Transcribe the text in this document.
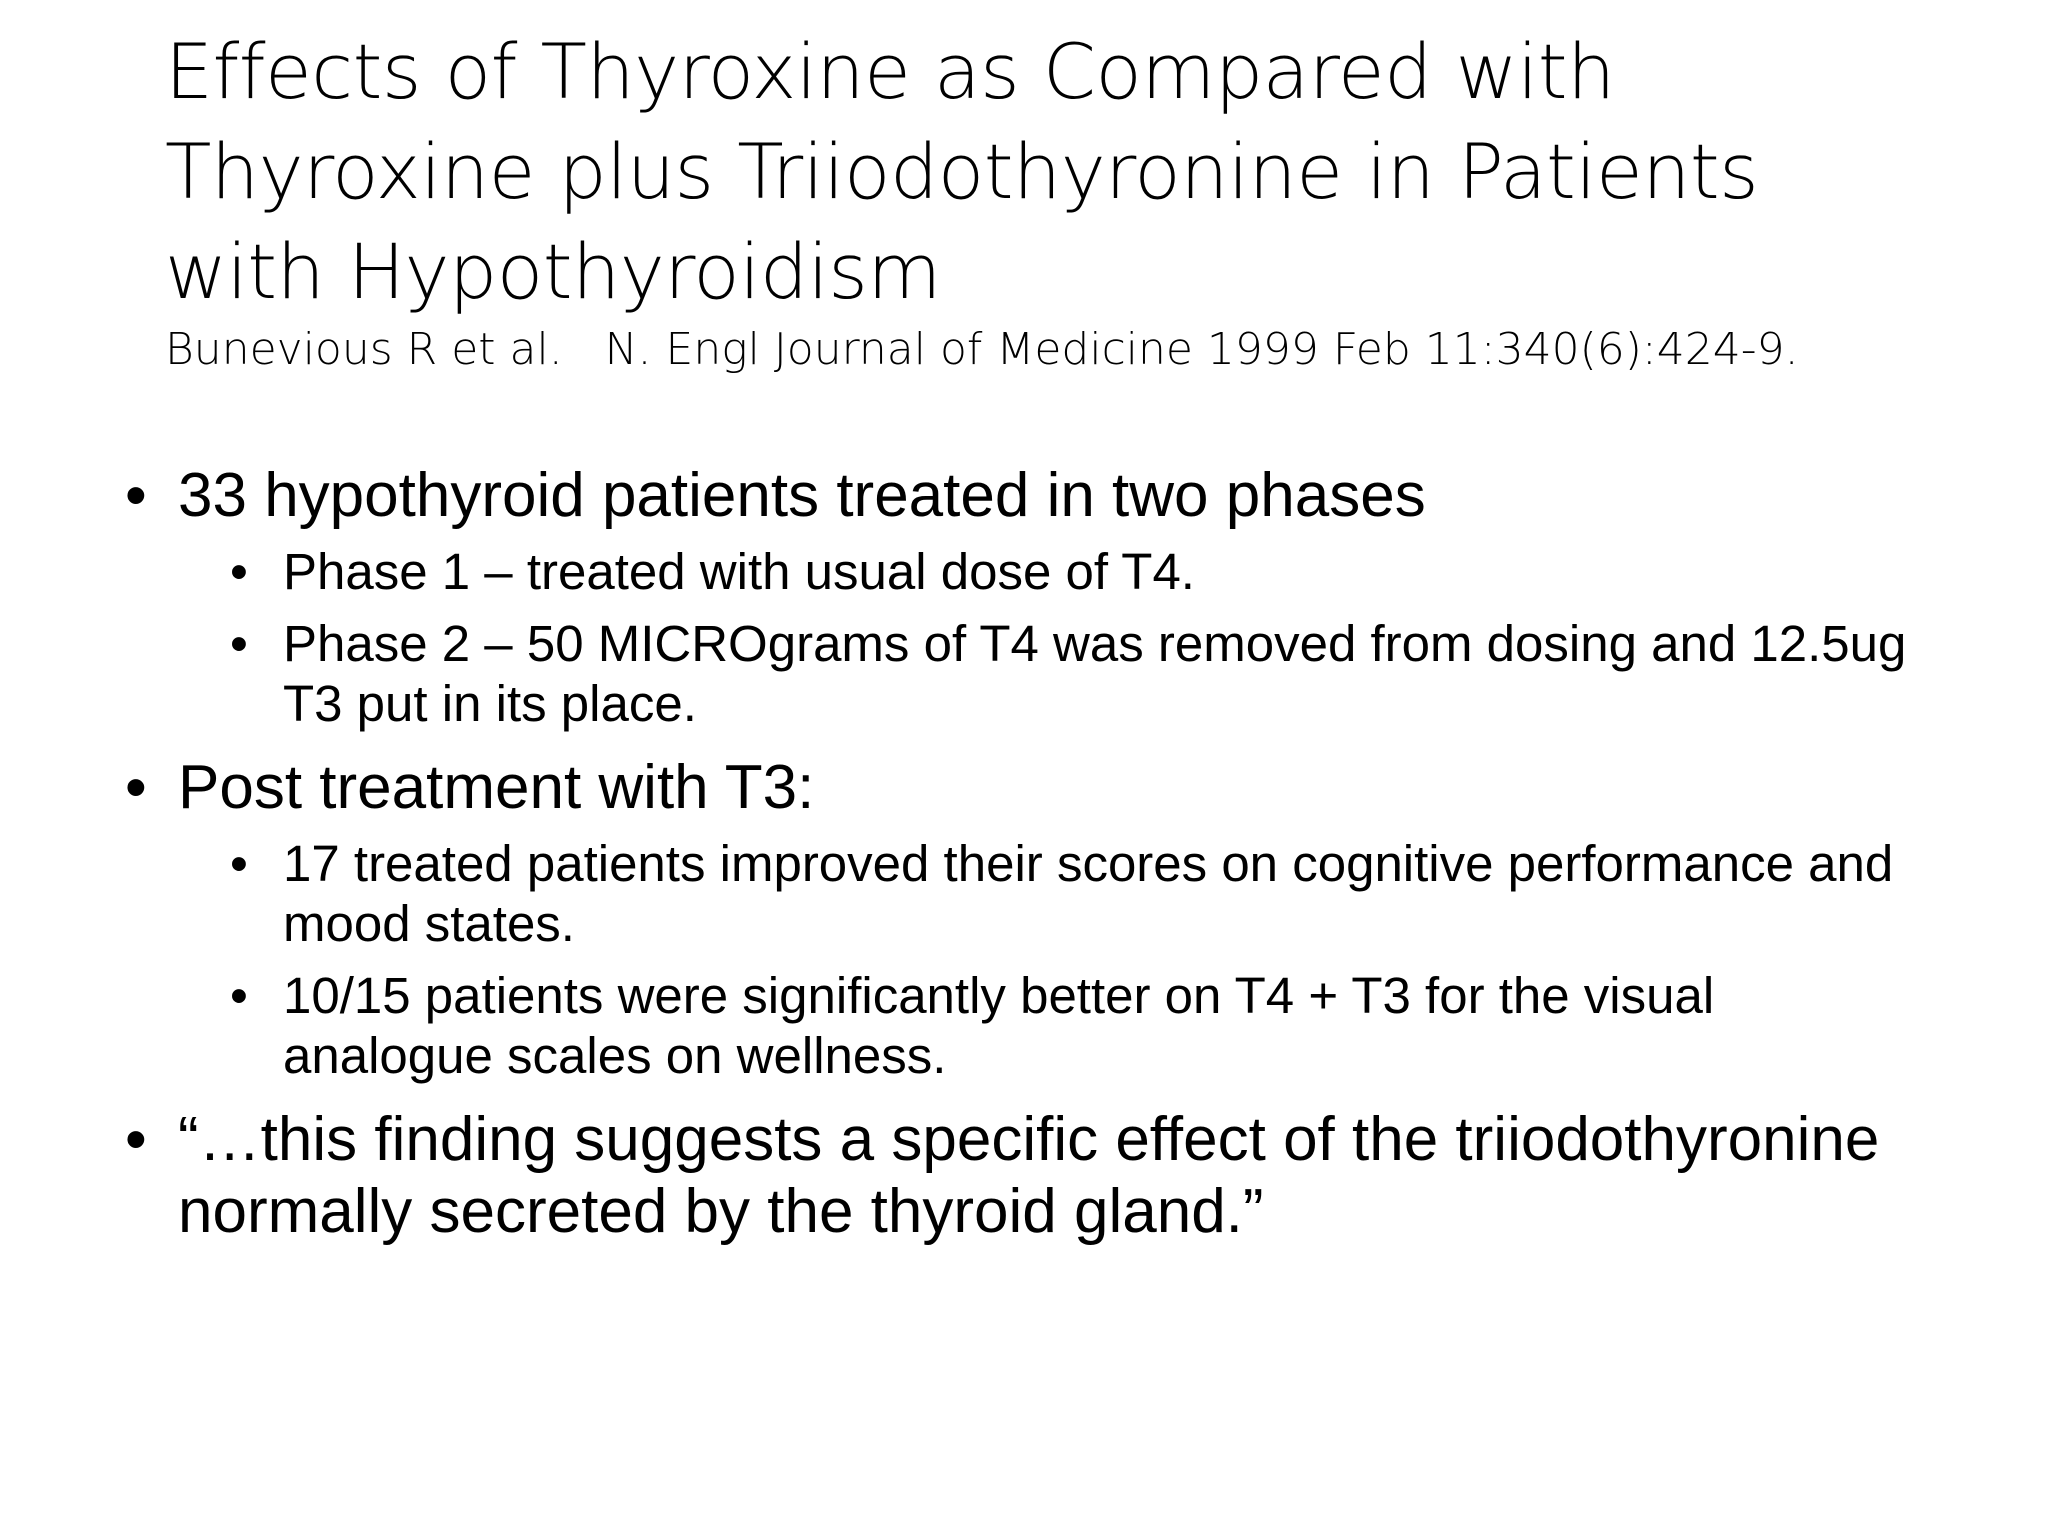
Effects of Thyroxine as Compared with
Thyroxine plus Triiodothyronine in Patients
with Hypothyroidism
Bunevious R et al.   N. Engl Journal of Medicine 1999 Feb 11:340(6):424-9.
• 33 hypothyroid patients treated in two phases
• Phase 1 – treated with usual dose of T4.
• Phase 2 – 50 MICROgrams of T4 was removed from dosing and 12.5ug T3 put in its place.
• Post treatment with T3:
• 17 treated patients improved their scores on cognitive performance and mood states.
• 10/15 patients were significantly better on T4 + T3 for the visual analogue scales on wellness.
• “…this finding suggests a specific effect of the triiodothyronine normally secreted by the thyroid gland.”
